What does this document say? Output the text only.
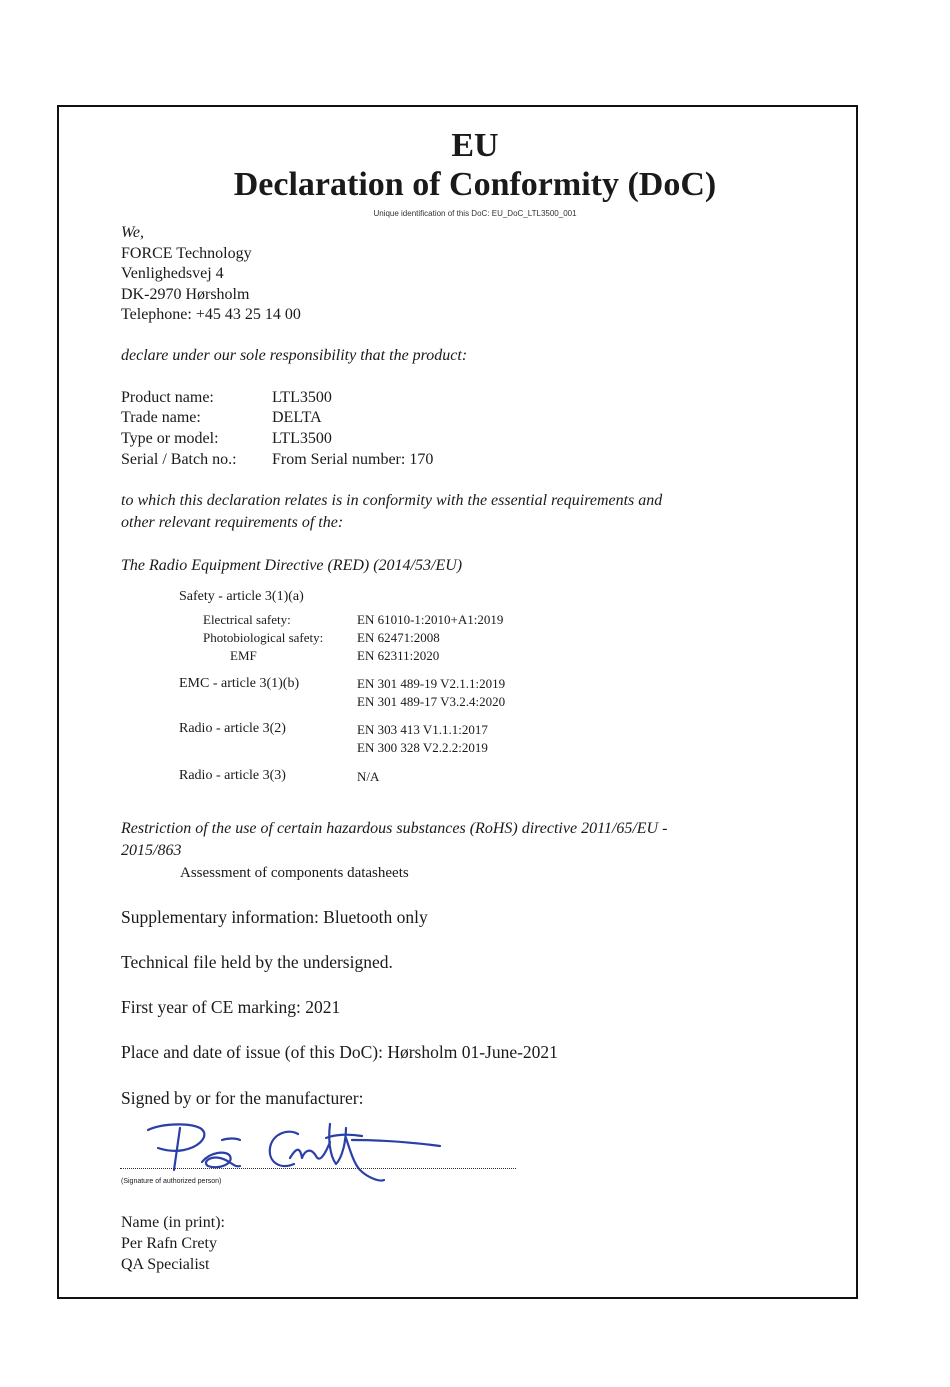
EU
Declaration of Conformity (DoC)
Unique identification of this DoC: EU_DoC_LTL3500_001
We,
FORCE Technology
Venlighedsvej 4
DK-2970 Hørsholm
Telephone: +45 43 25 14 00
declare under our sole responsibility that the product:
Product name:	LTL3500
Trade name:	DELTA
Type or model:	LTL3500
Serial / Batch no.: From Serial number: 170
to which this declaration relates is in conformity with the essential requirements and
other relevant requirements of the:
The Radio Equipment Directive (RED) (2014/53/EU)
Safety - article 3(1)(a)
Electrical safety:	EN 61010-1:2010+A1:2019
Photobiological safety:	EN 62471:2008
EMF	EN 62311:2020
EMC - article 3(1)(b)	EN 301 489-19 V2.1.1:2019
EN 301 489-17 V3.2.4:2020
Radio - article 3(2)	EN 303 413 V1.1.1:2017
EN 300 328 V2.2.2:2019
Radio - article 3(3)	N/A
Restriction of the use of certain hazardous substances (RoHS) directive 2011/65/EU -
2015/863
Assessment of components datasheets
Supplementary information: Bluetooth only
Technical file held by the undersigned.
First year of CE marking: 2021
Place and date of issue (of this DoC): Hørsholm 01-June-2021
Signed by or for the manufacturer:
(Signature of authorized person)
Name (in print):
Per Rafn Crety
QA Specialist
